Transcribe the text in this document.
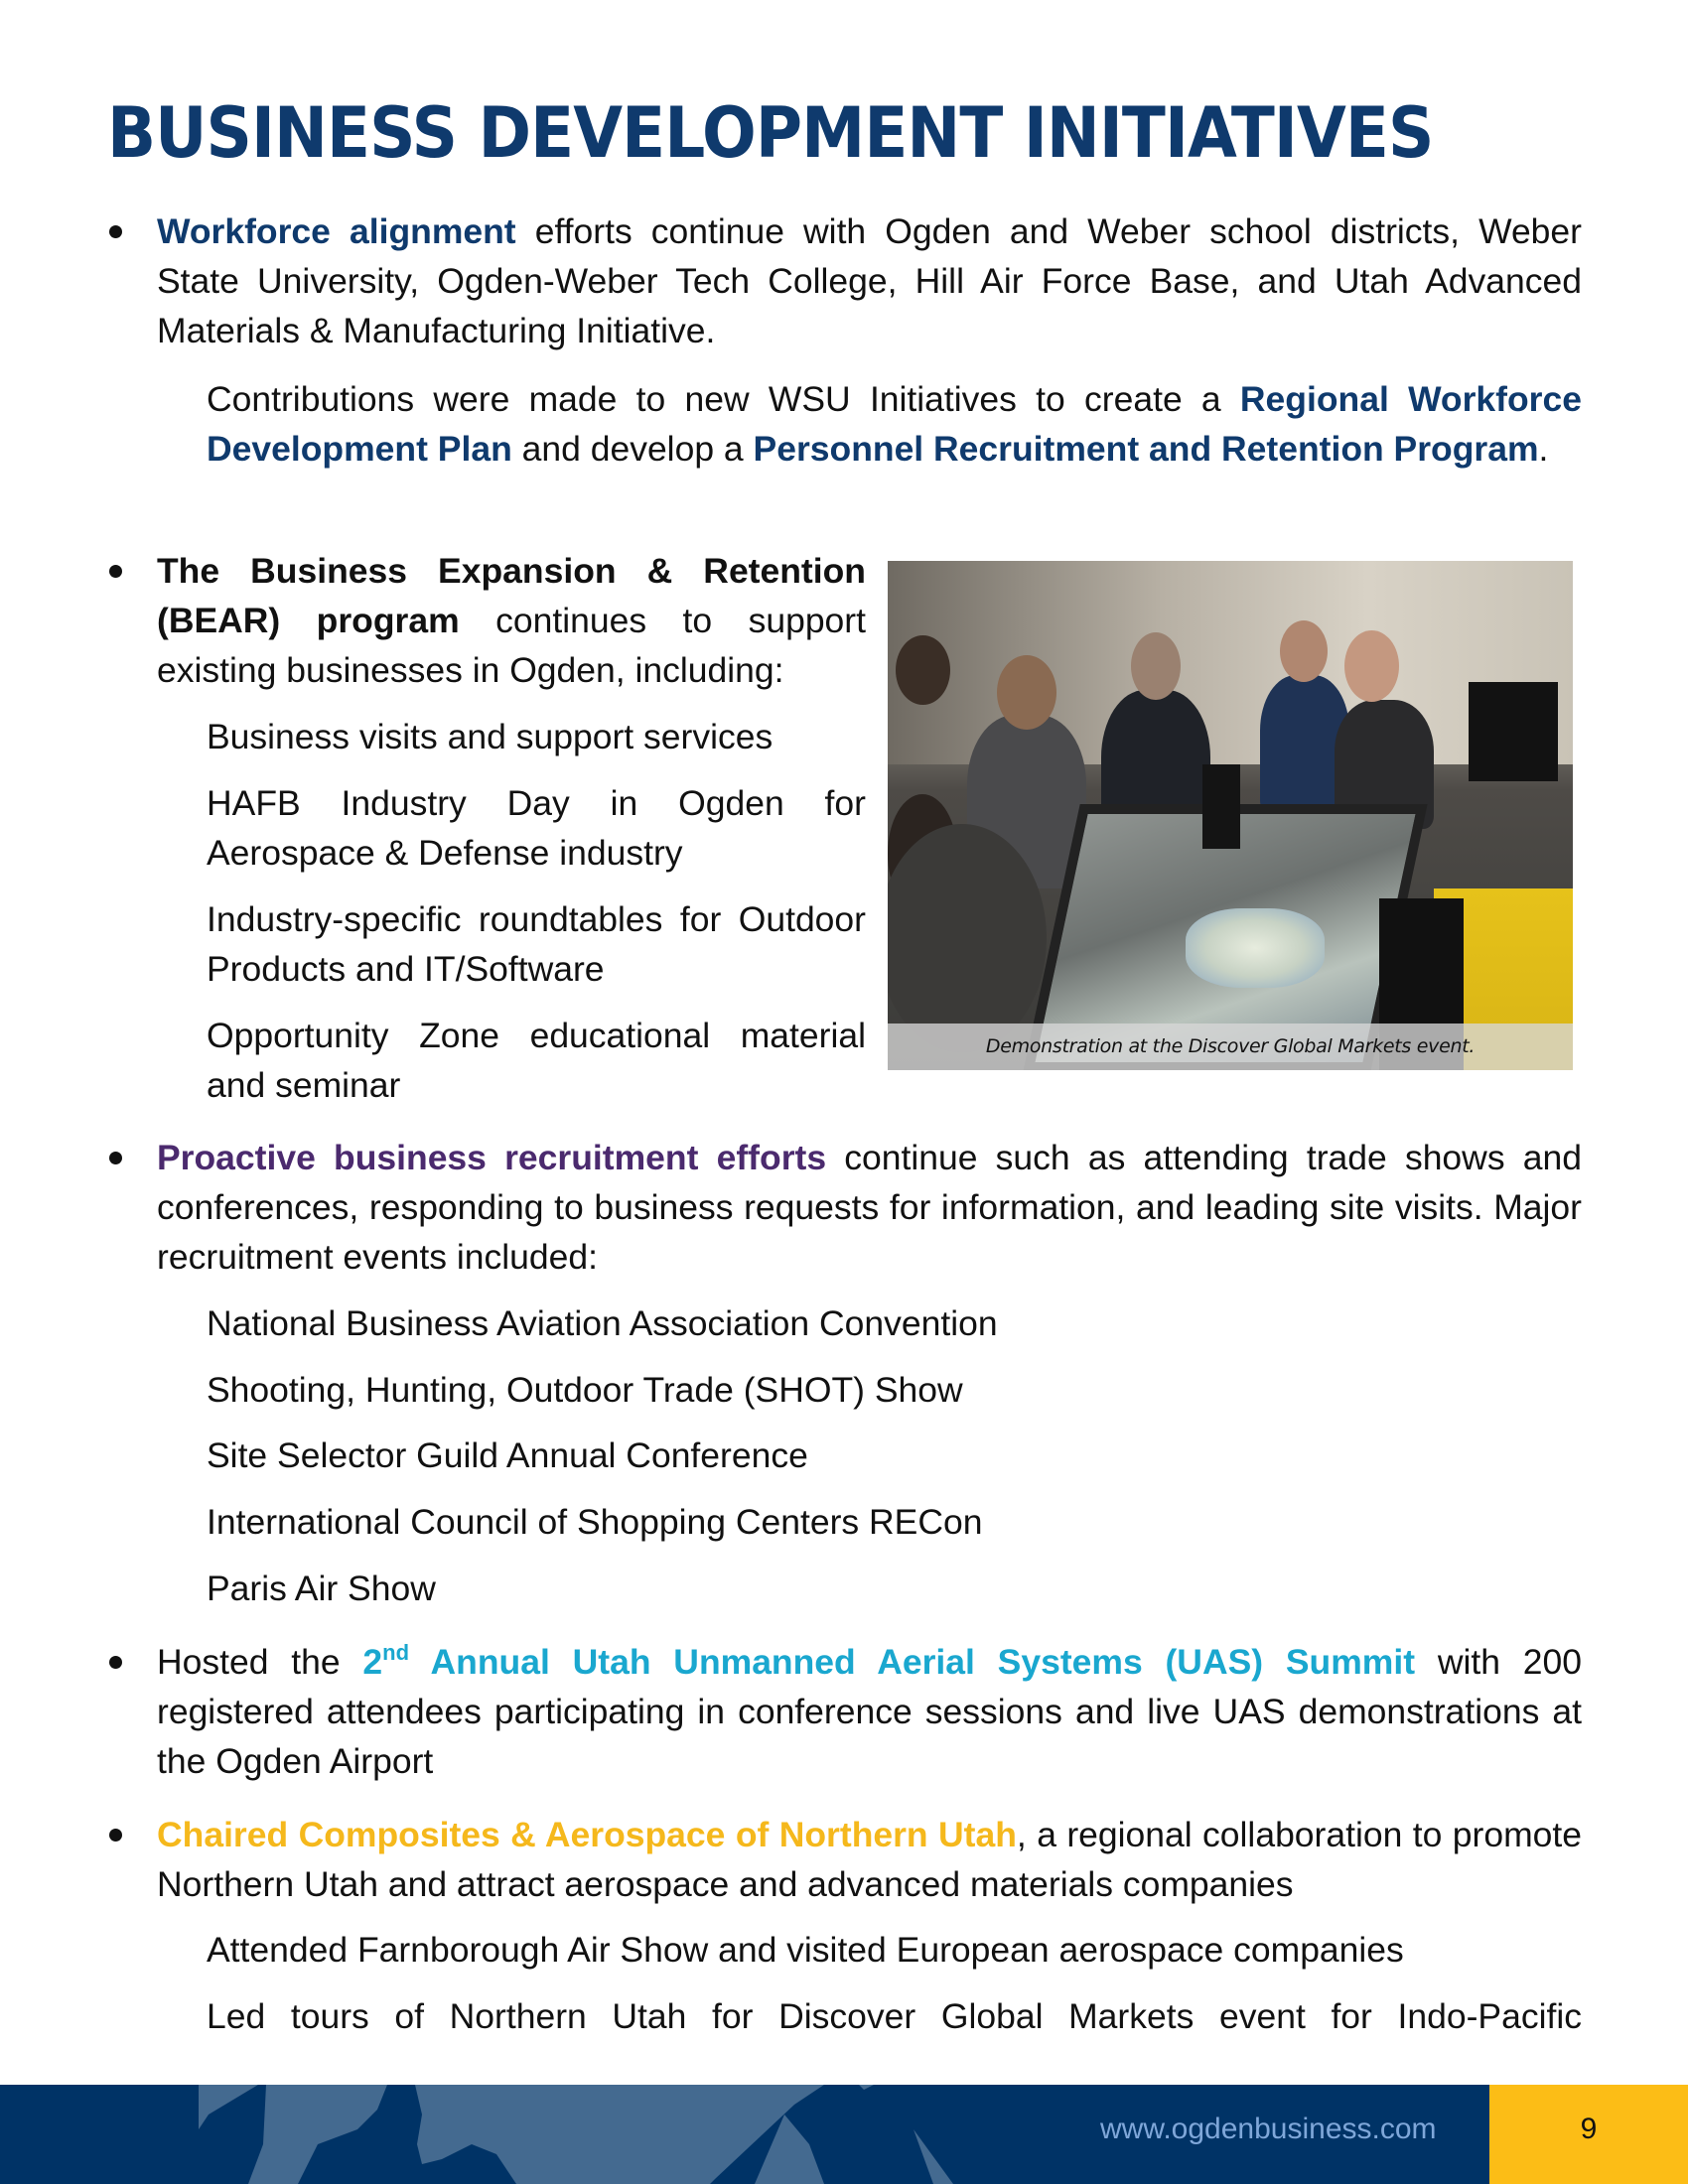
BUSINESS DEVELOPMENT INITIATIVES
Workforce alignment efforts continue with Ogden and Weber school districts, Weber State University, Ogden-Weber Tech College, Hill Air Force Base, and Utah Advanced Materials & Manufacturing Initiative.
Contributions were made to new WSU Initiatives to create a Regional Workforce Development Plan and develop a Personnel Recruitment and Retention Program.
The Business Expansion & Retention (BEAR) program continues to support existing businesses in Ogden, including:
Business visits and support services
HAFB Industry Day in Ogden for Aerospace & Defense industry
Industry-specific roundtables for Outdoor Products and IT/Software
Opportunity Zone educational material and seminar
Demonstration at the Discover Global Markets event.
Proactive business recruitment efforts continue such as attending trade shows and conferences, responding to business requests for information, and leading site visits. Major recruitment events included:
National Business Aviation Association Convention
Shooting, Hunting, Outdoor Trade (SHOT) Show
Site Selector Guild Annual Conference
International Council of Shopping Centers RECon
Paris Air Show
Hosted the 2nd Annual Utah Unmanned Aerial Systems (UAS) Summit with 200 registered attendees participating in conference sessions and live UAS demonstrations at the Ogden Airport
Chaired Composites & Aerospace of Northern Utah, a regional collaboration to promote Northern Utah and attract aerospace and advanced materials companies
Attended Farnborough Air Show and visited European aerospace companies
Led tours of Northern Utah for Discover Global Markets event for Indo-Pacific
www.ogdenbusiness.com	9
